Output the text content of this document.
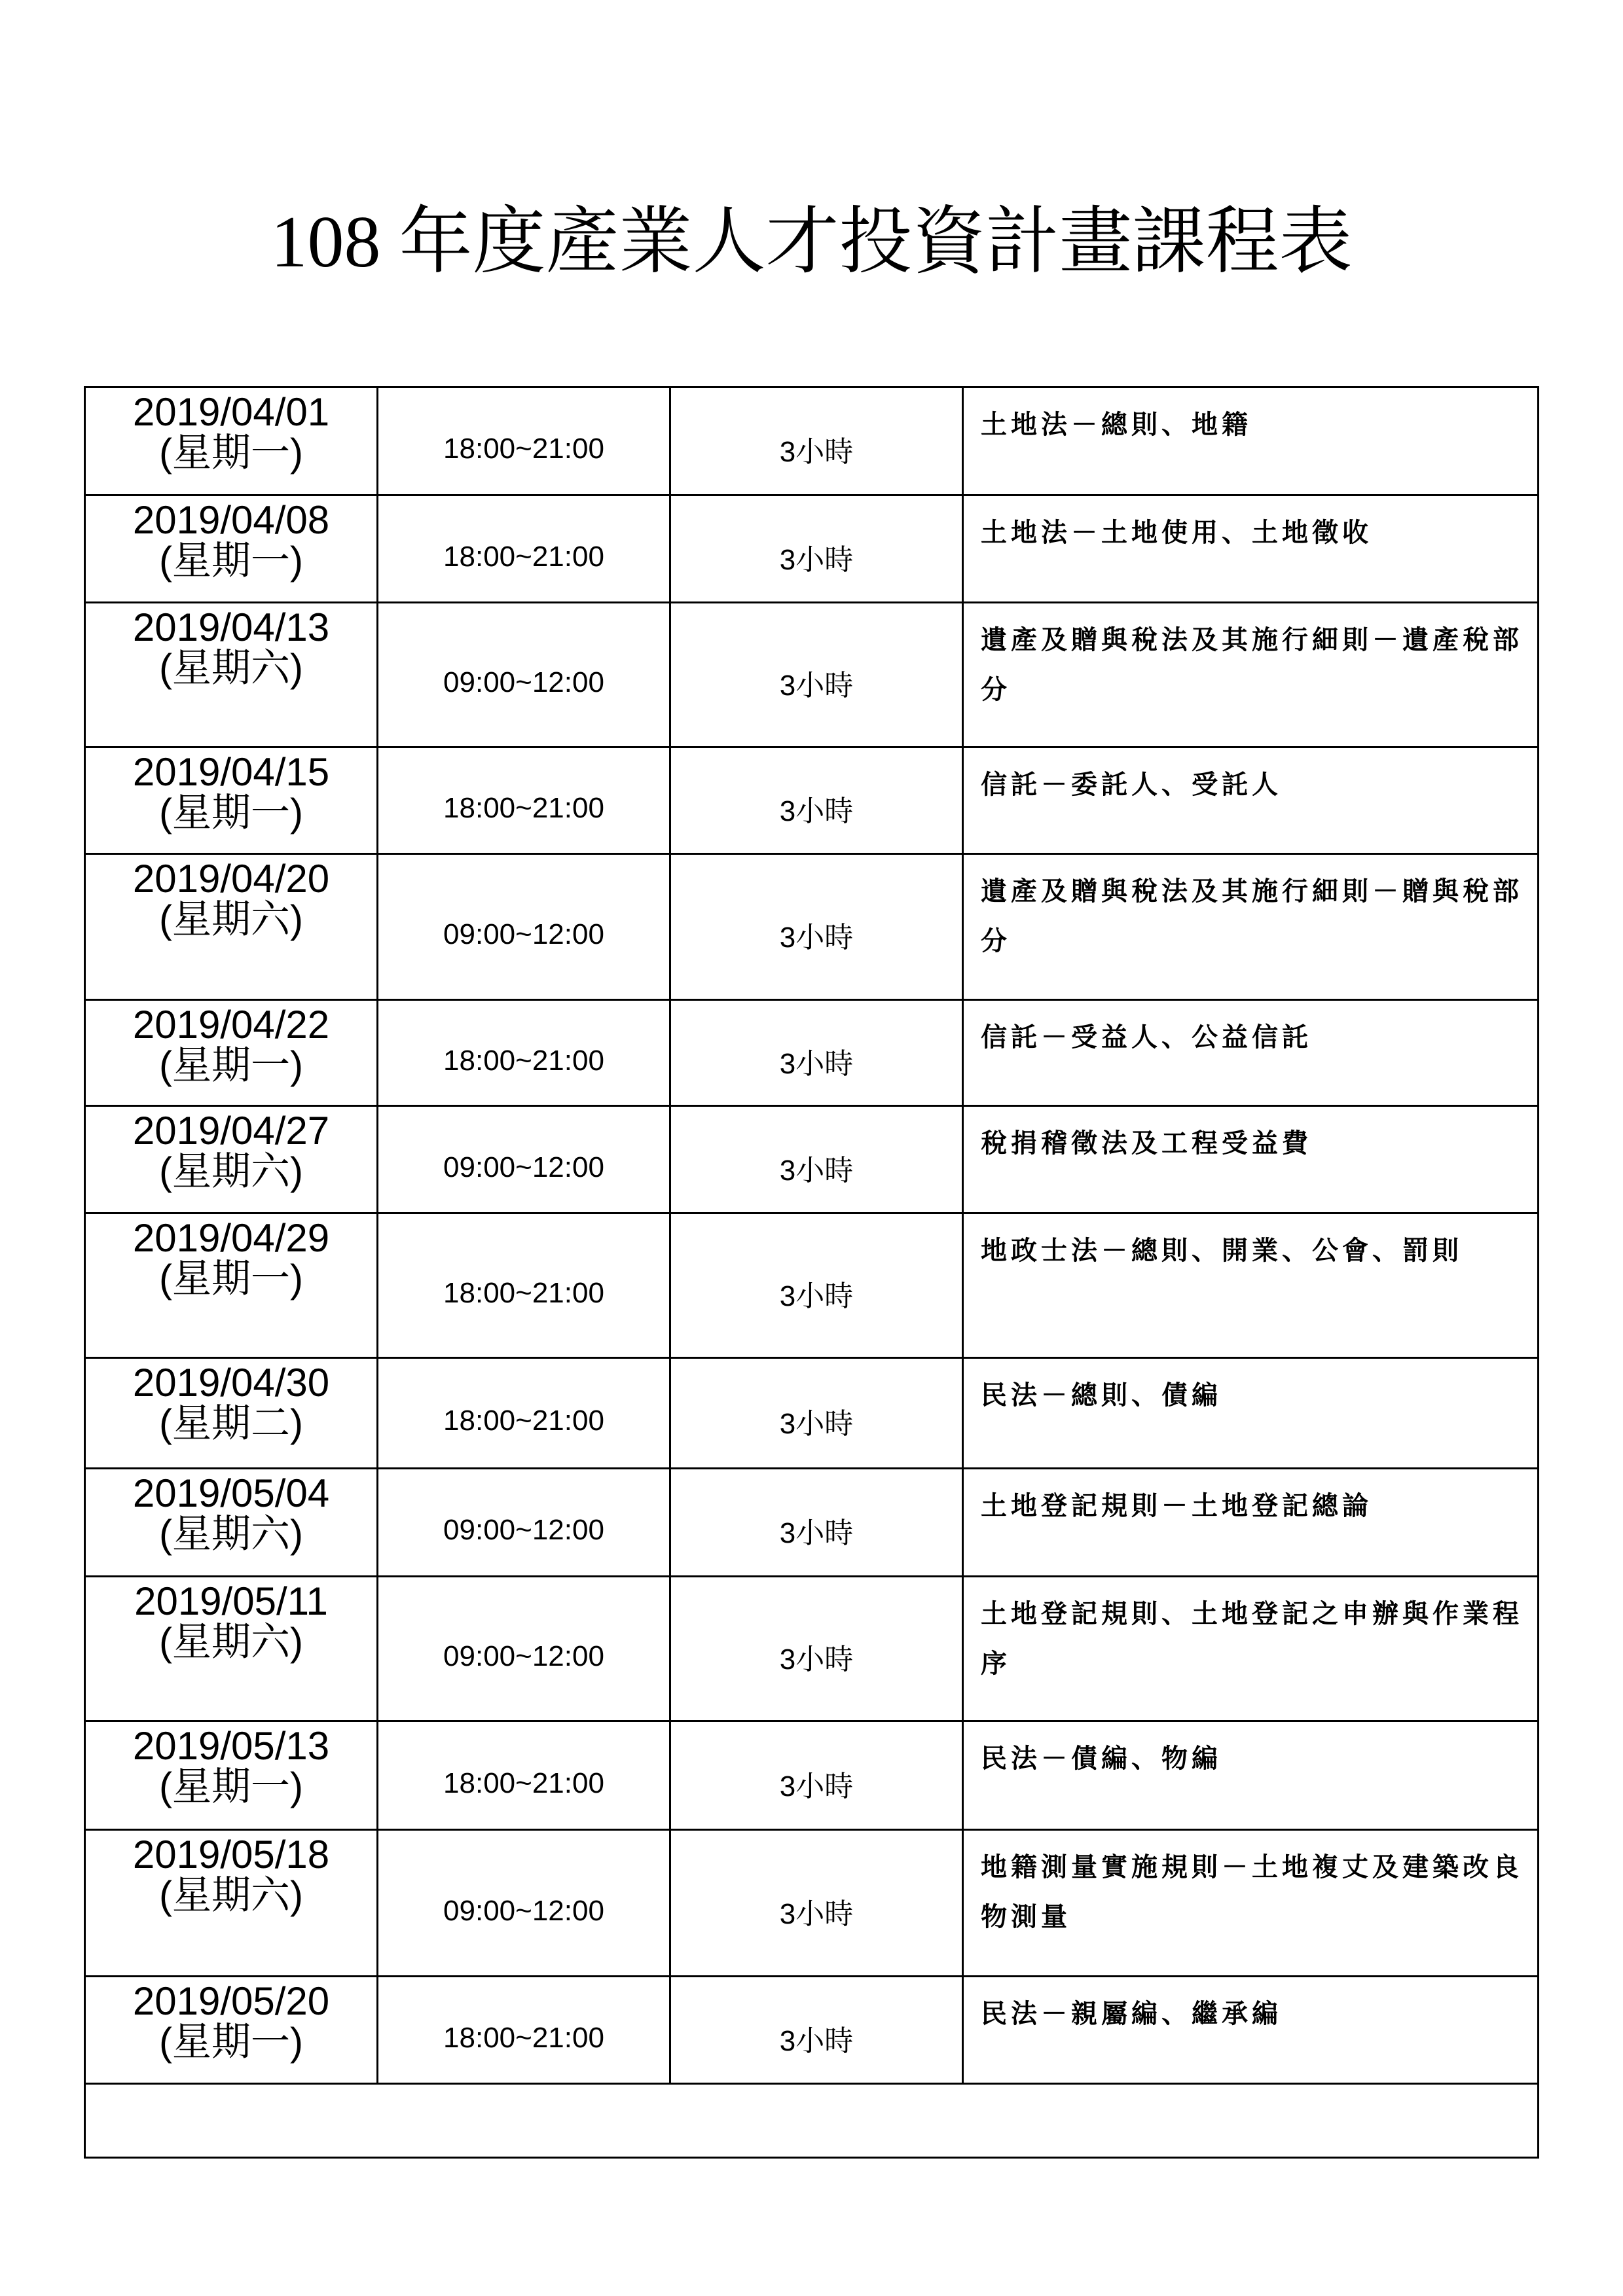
108 年度產業人才投資計畫課程表
2019/04/01
(星期一)	18:00~21:00	3小時	土地法－總則、地籍

2019/04/08
(星期一)	18:00~21:00	3小時	土地法－土地使用、土地徵收

2019/04/13
(星期六)	09:00~12:00	3小時	遺產及贈與稅法及其施行細則－遺產稅部分

2019/04/15
(星期一)	18:00~21:00	3小時	信託－委託人、受託人

2019/04/20
(星期六)	09:00~12:00	3小時	遺產及贈與稅法及其施行細則－贈與稅部分

2019/04/22
(星期一)	18:00~21:00	3小時	信託－受益人、公益信託

2019/04/27
(星期六)	09:00~12:00	3小時	稅捐稽徵法及工程受益費

2019/04/29
(星期一)	18:00~21:00	3小時	地政士法－總則、開業、公會、罰則

2019/04/30
(星期二)	18:00~21:00	3小時	民法－總則、債編

2019/05/04
(星期六)	09:00~12:00	3小時	土地登記規則－土地登記總論

2019/05/11
(星期六)	09:00~12:00	3小時	土地登記規則、土地登記之申辦與作業程序

2019/05/13
(星期一)	18:00~21:00	3小時	民法－債編、物編

2019/05/18
(星期六)	09:00~12:00	3小時	地籍測量實施規則－土地複丈及建築改良物測量

2019/05/20
(星期一)	18:00~21:00	3小時	民法－親屬編、繼承編
